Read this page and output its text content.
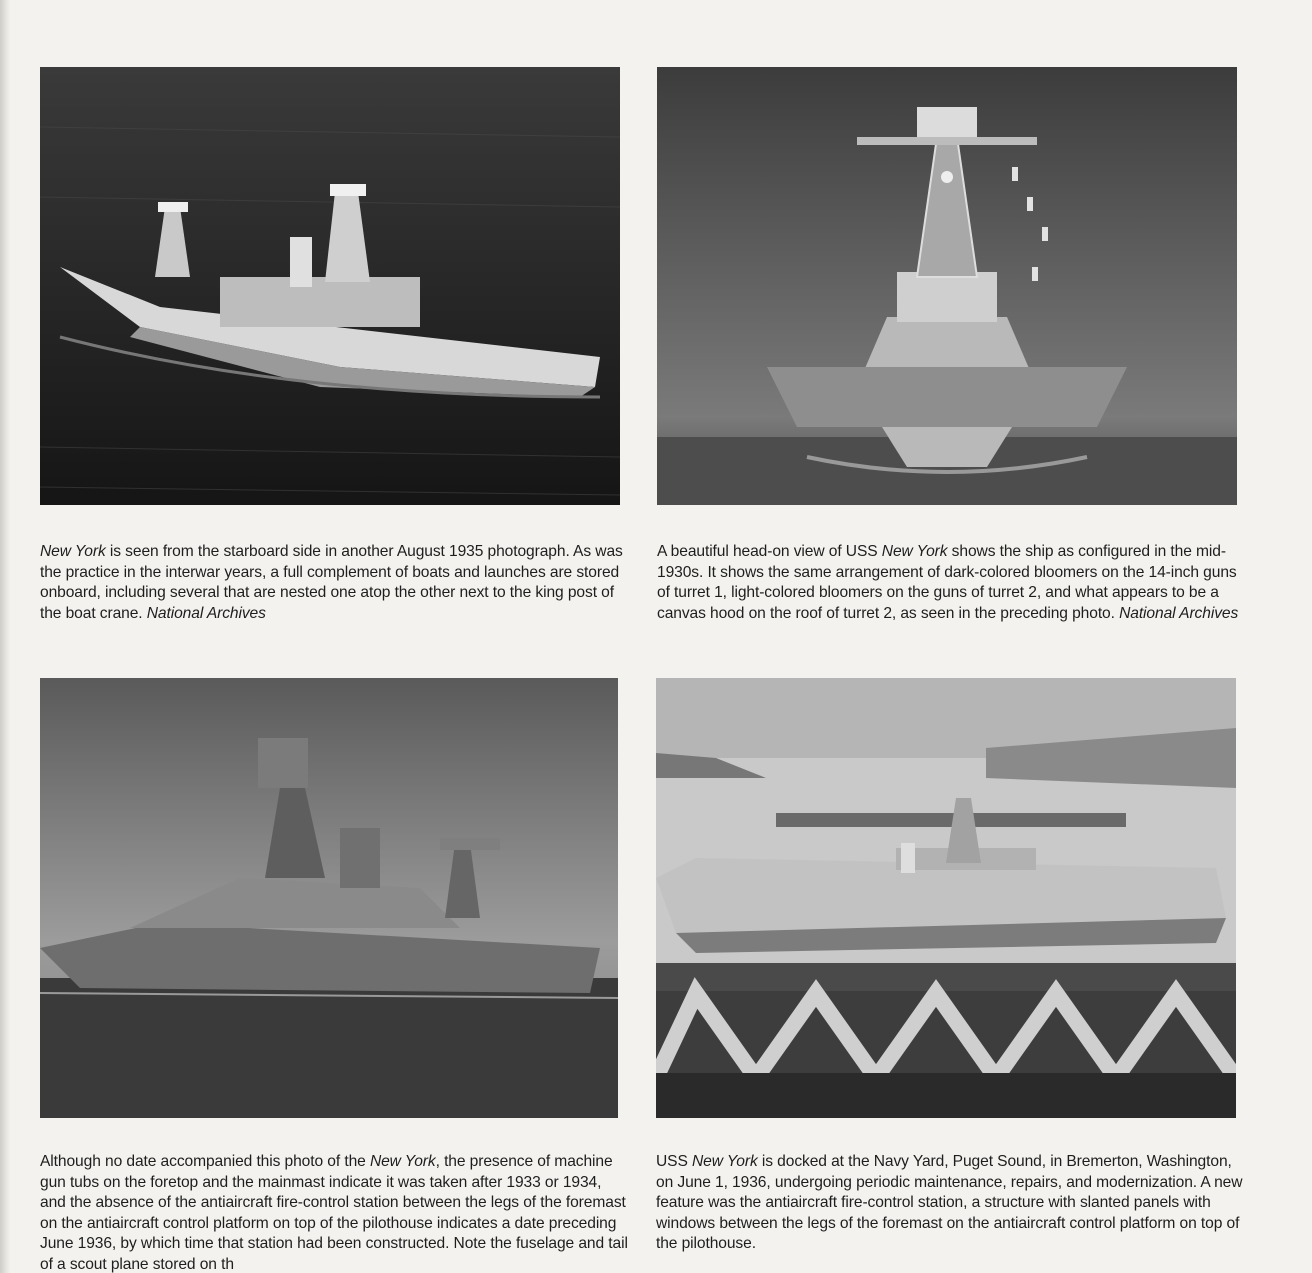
New York is seen from the starboard side in another August 1935 photograph. As was the practice in the interwar years, a full complement of boats and launches are stored onboard, including several that are nested one atop the other next to the king post of the boat crane. National Archives
A beautiful head-on view of USS New York shows the ship as configured in the mid-1930s. It shows the same arrangement of dark-colored bloomers on the 14-inch guns of turret 1, light-colored bloomers on the guns of turret 2, and what appears to be a canvas hood on the roof of turret 2, as seen in the preceding photo. National Archives
Although no date accompanied this photo of the New York, the presence of machine gun tubs on the foretop and the mainmast indicate it was taken after 1933 or 1934, and the absence of the antiaircraft fire-control station between the legs of the foremast on the antiaircraft control platform on top of the pilothouse indicates a date preceding June 1936, by which time that station had been constructed. Note the fuselage and tail of a scout plane stored on th
USS New York is docked at the Navy Yard, Puget Sound, in Bremerton, Washington, on June 1, 1936, undergoing periodic maintenance, repairs, and modernization. A new feature was the antiaircraft fire-control station, a structure with slanted panels with windows between the legs of the foremast on the antiaircraft control platform on top of the pilothouse.
